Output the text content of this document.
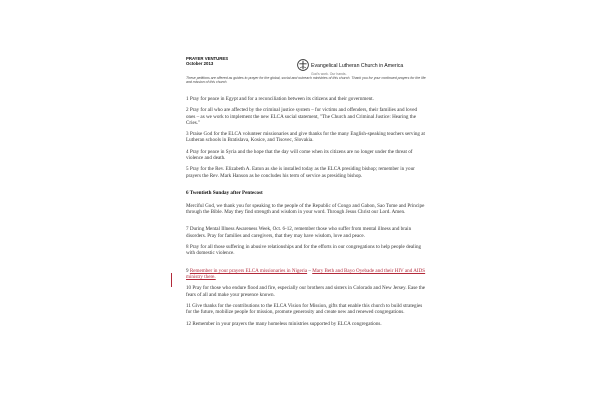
PRAYER VENTURES
October 2013	Evangelical Lutheran Church in America
God's work. Our hands.
These petitions are offered as guides to prayer for the global, social and outreach ministries of this church. Thank you for your continued prayers for the life and mission of this church.
1 Pray for peace in Egypt and for a reconciliation between its citizens and their government.
2 Pray for all who are affected by the criminal justice system – for victims and offenders, their families and loved ones – as we work to implement the new ELCA social statement, "The Church and Criminal Justice: Hearing the Cries."
3 Praise God for the ELCA volunteer missionaries and give thanks for the many English-speaking teachers serving at Lutheran schools in Bratislava, Kosice, and Tisovec, Slovakia.
4 Pray for peace in Syria and the hope that the day will come when its citizens are no longer under the threat of violence and death.
5 Pray for the Rev. Elizabeth A. Eaton as she is installed today as the ELCA presiding bishop; remember in your prayers the Rev. Mark Hanson as he concludes his term of service as presiding bishop.

6 Twentieth Sunday after Pentecost

Merciful God, we thank you for speaking to the people of the Republic of Congo and Gabon, Sao Tome and Principe through the Bible. May they find strength and wisdom in your word. Through Jesus Christ our Lord. Amen.

7 During Mental Illness Awareness Week, Oct. 6-12, remember those who suffer from mental illness and brain disorders. Pray for families and caregivers, that they may have wisdom, love and peace.
8 Pray for all those suffering in abusive relationships and for the efforts in our congregations to help people dealing with domestic violence.

9 Remember in your prayers ELCA missionaries in Nigeria – Mary Beth and Bayo Oyebade and their HIV and AIDS ministry there.

10 Pray for those who endure flood and fire, especially our brothers and sisters in Colorado and New Jersey. Ease the fears of all and make your presence known.
11 Give thanks for the contributions to the ELCA Vision for Mission, gifts that enable this church to build strategies for the future, mobilize people for mission, promote generosity and create new and renewed congregations.
12 Remember in your prayers the many homeless ministries supported by ELCA congregations.
